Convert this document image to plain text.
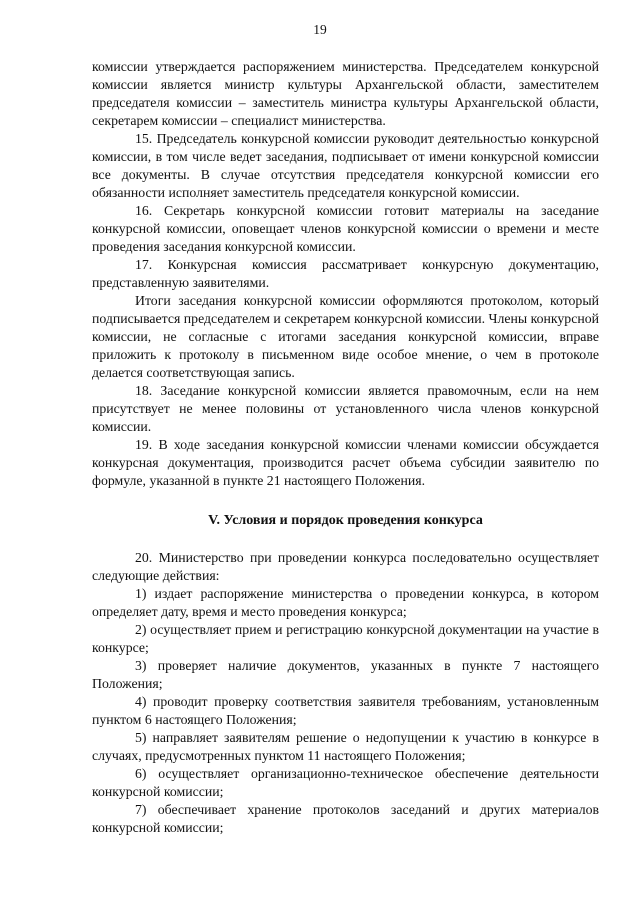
19

комиссии утверждается распоряжением министерства. Председателем конкурсной комиссии является министр культуры Архангельской области, заместителем председателя комиссии – заместитель министра культуры Архангельской области, секретарем комиссии – специалист министерства.

15. Председатель конкурсной комиссии руководит деятельностью конкурсной комиссии, в том числе ведет заседания, подписывает от имени конкурсной комиссии все документы. В случае отсутствия председателя конкурсной комиссии его обязанности исполняет заместитель председателя конкурсной комиссии.

16. Секретарь конкурсной комиссии готовит материалы на заседание конкурсной комиссии, оповещает членов конкурсной комиссии о времени и месте проведения заседания конкурсной комиссии.

17. Конкурсная комиссия рассматривает конкурсную документацию, представленную заявителями.

Итоги заседания конкурсной комиссии оформляются протоколом, который подписывается председателем и секретарем конкурсной комиссии. Члены конкурсной комиссии, не согласные с итогами заседания конкурсной комиссии, вправе приложить к протоколу в письменном виде особое мнение, о чем в протоколе делается соответствующая запись.

18. Заседание конкурсной комиссии является правомочным, если на нем присутствует не менее половины от установленного числа членов конкурсной комиссии.

19. В ходе заседания конкурсной комиссии членами комиссии обсуждается конкурсная документация, производится расчет объема субсидии заявителю по формуле, указанной в пункте 21 настоящего Положения.

V. Условия и порядок проведения конкурса

20. Министерство при проведении конкурса последовательно осуществляет следующие действия:

1) издает распоряжение министерства о проведении конкурса, в котором определяет дату, время и место проведения конкурса;

2) осуществляет прием и регистрацию конкурсной документации на участие в конкурсе;

3) проверяет наличие документов, указанных в пункте 7 настоящего Положения;

4) проводит проверку соответствия заявителя требованиям, установленным пунктом 6 настоящего Положения;

5) направляет заявителям решение о недопущении к участию в конкурсе в случаях, предусмотренных пунктом 11 настоящего Положения;

6) осуществляет организационно-техническое обеспечение деятельности конкурсной комиссии;

7) обеспечивает хранение протоколов заседаний и других материалов конкурсной комиссии;
